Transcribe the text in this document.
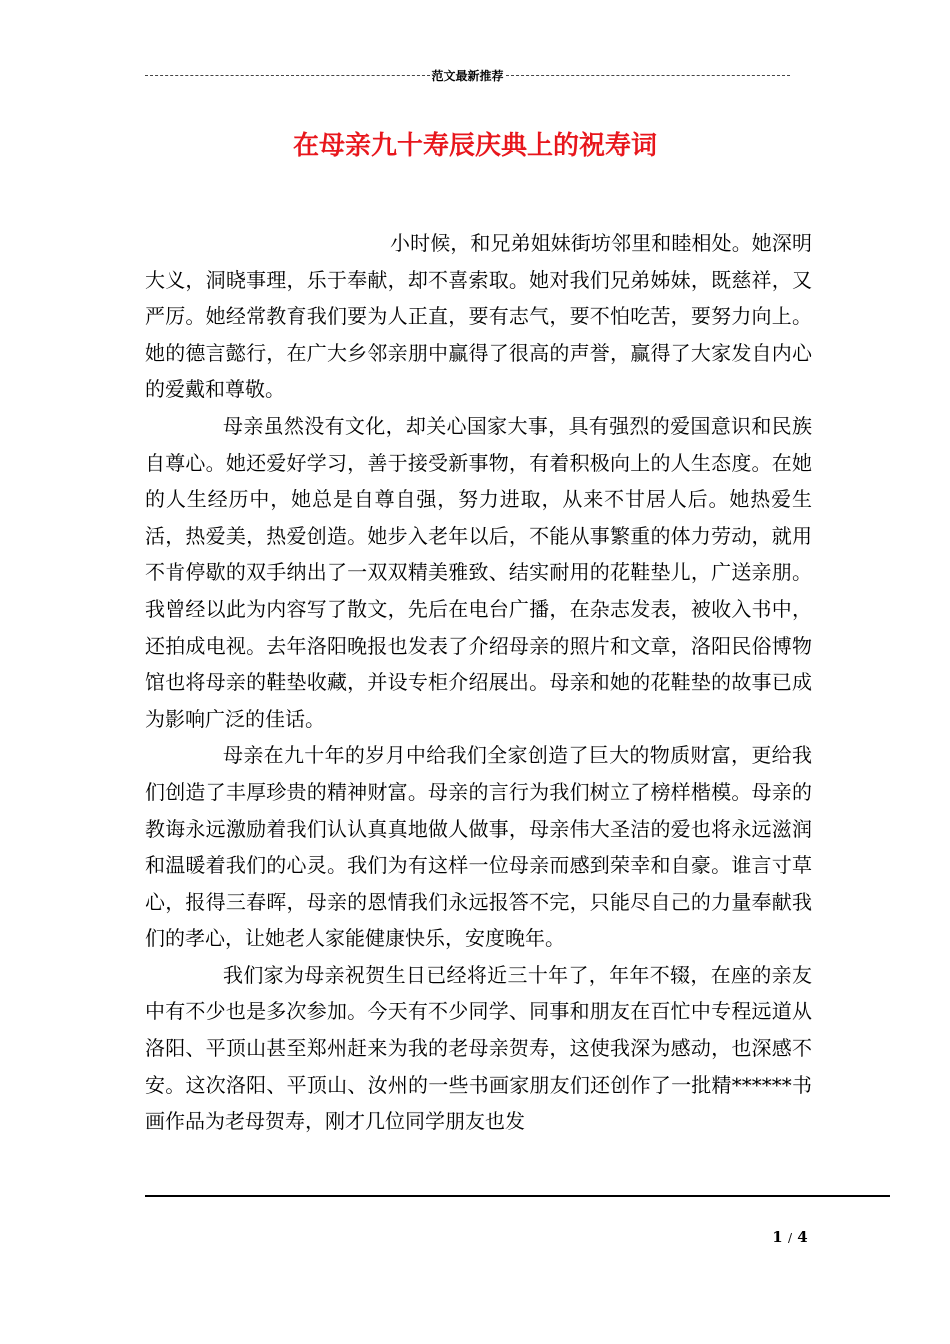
范文最新推荐
在母亲九十寿辰庆典上的祝寿词

小时候，和兄弟姐妹街坊邻里和睦相处。她深明大义，洞晓事理，乐于奉献，却不喜索取。她对我们兄弟姊妹，既慈祥，又严厉。她经常教育我们要为人正直，要有志气，要不怕吃苦，要努力向上。她的德言懿行，在广大乡邻亲朋中赢得了很高的声誉，赢得了大家发自内心的爱戴和尊敬。

母亲虽然没有文化，却关心国家大事，具有强烈的爱国意识和民族自尊心。她还爱好学习，善于接受新事物，有着积极向上的人生态度。在她的人生经历中，她总是自尊自强，努力进取，从来不甘居人后。她热爱生活，热爱美，热爱创造。她步入老年以后，不能从事繁重的体力劳动，就用不肯停歇的双手纳出了一双双精美雅致、结实耐用的花鞋垫儿，广送亲朋。我曾经以此为内容写了散文，先后在电台广播，在杂志发表，被收入书中，还拍成电视。去年洛阳晚报也发表了介绍母亲的照片和文章，洛阳民俗博物馆也将母亲的鞋垫收藏，并设专柜介绍展出。母亲和她的花鞋垫的故事已成为影响广泛的佳话。

母亲在九十年的岁月中给我们全家创造了巨大的物质财富，更给我们创造了丰厚珍贵的精神财富。母亲的言行为我们树立了榜样楷模。母亲的教诲永远激励着我们认认真真地做人做事，母亲伟大圣洁的爱也将永远滋润和温暖着我们的心灵。我们为有这样一位母亲而感到荣幸和自豪。谁言寸草心，报得三春晖，母亲的恩情我们永远报答不完，只能尽自己的力量奉献我们的孝心，让她老人家能健康快乐，安度晚年。

我们家为母亲祝贺生日已经将近三十年了，年年不辍，在座的亲友中有不少也是多次参加。今天有不少同学、同事和朋友在百忙中专程远道从洛阳、平顶山甚至郑州赶来为我的老母亲贺寿，这使我深为感动，也深感不安。这次洛阳、平顶山、汝州的一些书画家朋友们还创作了一批精******书画作品为老母贺寿，刚才几位同学朋友也发

1 / 4
